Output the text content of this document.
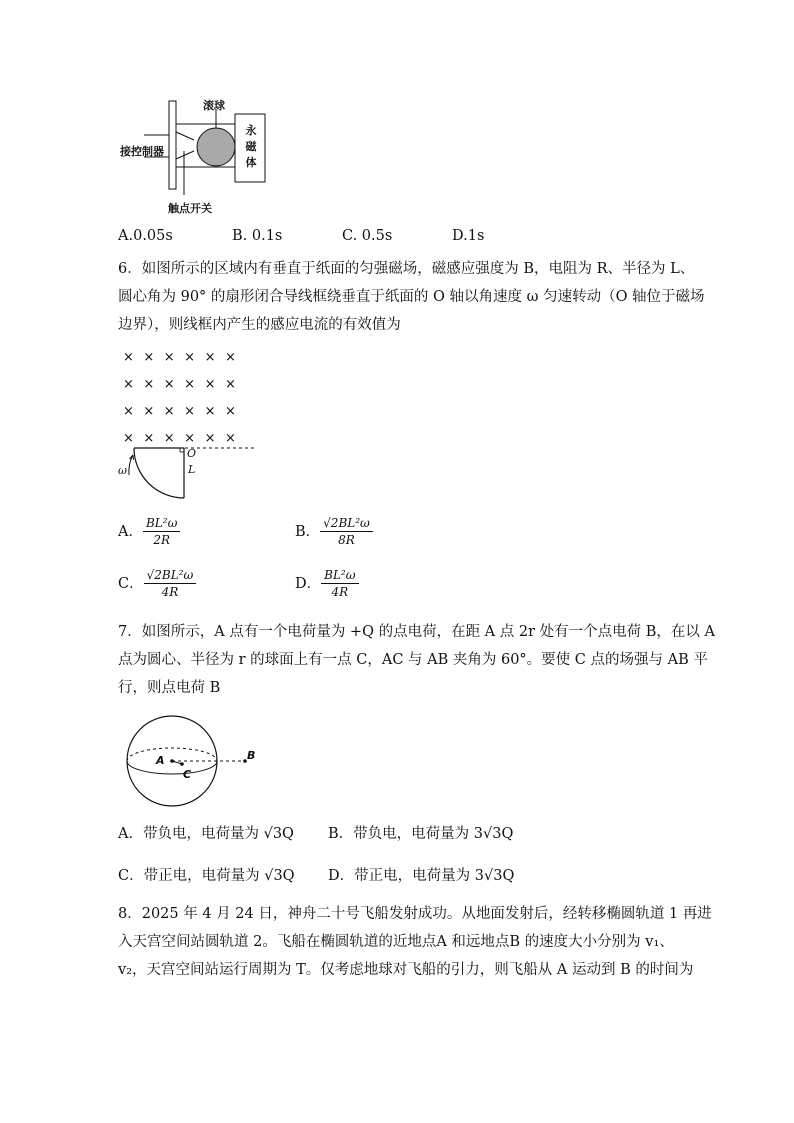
滚球
永磁体
接控制器
触点开关
A.0.05s	B. 0.1s	C. 0.5s	D.1s
6．如图所示的区域内有垂直于纸面的匀强磁场，磁感应强度为 B，电阻为 R、半径为 L、
圆心角为 90° 的扇形闭合导线框绕垂直于纸面的 O 轴以角速度 ω 匀速转动（O 轴位于磁场
边界），则线框内产生的感应电流的有效值为
××××××
××××××
××××××
××××××
O
L
ω
A． $\frac{\text{BL²ω}}{2R}$	B． $\frac{\text{√2BL²ω}}{8R}$
C． $\frac{\text{√2BL²ω}}{4R}$	D． $\frac{\text{BL²ω}}{4R}$
7．如图所示，A 点有一个电荷量为 +Q 的点电荷，在距 A 点 2r 处有一个点电荷 B，在以 A
点为圆心、半径为 r 的球面上有一点 C，AC 与 AB 夹角为 60°。要使 C 点的场强与 AB 平
行，则点电荷 B
A
C
B
A．带负电，电荷量为 √3Q B．带负电，电荷量为 3√3Q
C．带正电，电荷量为 √3Q D．带正电，电荷量为 3√3Q
8．2025 年 4 月 24 日，神舟二十号飞船发射成功。从地面发射后，经转移椭圆轨道 1 再进
入天宫空间站圆轨道 2。飞船在椭圆轨道的近地点A 和远地点B 的速度大小分别为 v₁、
v₂，天宫空间站运行周期为 T。仅考虑地球对飞船的引力，则飞船从 A 运动到 B 的时间为
